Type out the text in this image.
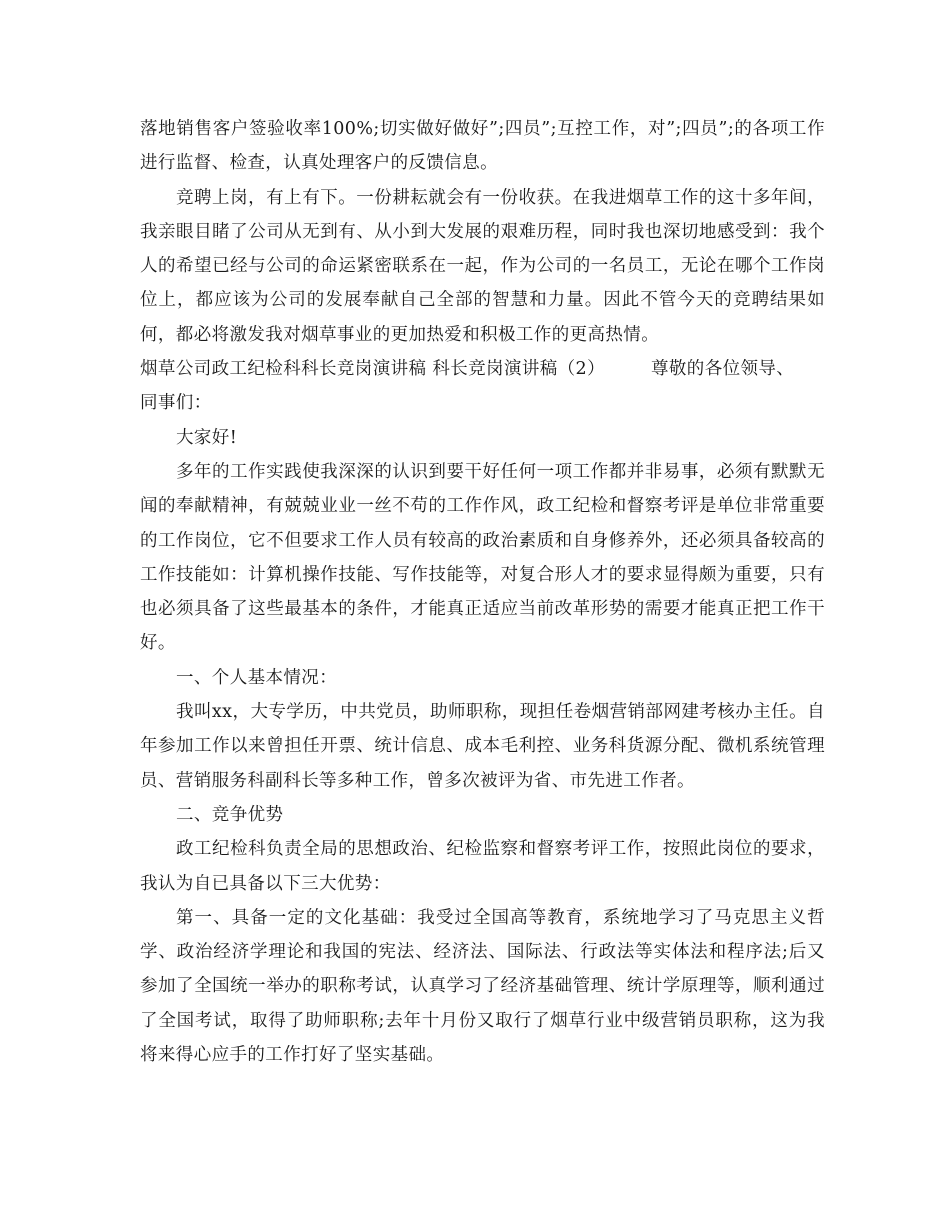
落地销售客户签验收率100%;切实做好做好”;四员”;互控工作，对”;四员”;的各项工作进行监督、检查，认真处理客户的反馈信息。

竞聘上岗，有上有下。一份耕耘就会有一份收获。在我进烟草工作的这十多年间，我亲眼目睹了公司从无到有、从小到大发展的艰难历程，同时我也深切地感受到：我个人的希望已经与公司的命运紧密联系在一起，作为公司的一名员工，无论在哪个工作岗位上，都应该为公司的发展奉献自己全部的智慧和力量。因此不管今天的竞聘结果如何，都必将激发我对烟草事业的更加热爱和积极工作的更高热情。

烟草公司政工纪检科科长竞岗演讲稿 科长竞岗演讲稿（2）	尊敬的各位领导、

同事们：

大家好!

多年的工作实践使我深深的认识到要干好任何一项工作都并非易事，必须有默默无闻的奉献精神，有兢兢业业一丝不苟的工作作风，政工纪检和督察考评是单位非常重要的工作岗位，它不但要求工作人员有较高的政治素质和自身修养外，还必须具备较高的工作技能如：计算机操作技能、写作技能等，对复合形人才的要求显得颇为重要，只有也必须具备了这些最基本的条件，才能真正适应当前改革形势的需要才能真正把工作干好。

一、个人基本情况：

我叫xx，大专学历，中共党员，助师职称，现担任卷烟营销部网建考核办主任。自年参加工作以来曾担任开票、统计信息、成本毛利控、业务科货源分配、微机系统管理员、营销服务科副科长等多种工作，曾多次被评为省、市先进工作者。

二、竞争优势

政工纪检科负责全局的思想政治、纪检监察和督察考评工作，按照此岗位的要求，我认为自已具备以下三大优势：

第一、具备一定的文化基础：我受过全国高等教育，系统地学习了马克思主义哲学、政治经济学理论和我国的宪法、经济法、国际法、行政法等实体法和程序法;后又参加了全国统一举办的职称考试，认真学习了经济基础管理、统计学原理等，顺利通过了全国考试，取得了助师职称;去年十月份又取行了烟草行业中级营销员职称，这为我将来得心应手的工作打好了坚实基础。
